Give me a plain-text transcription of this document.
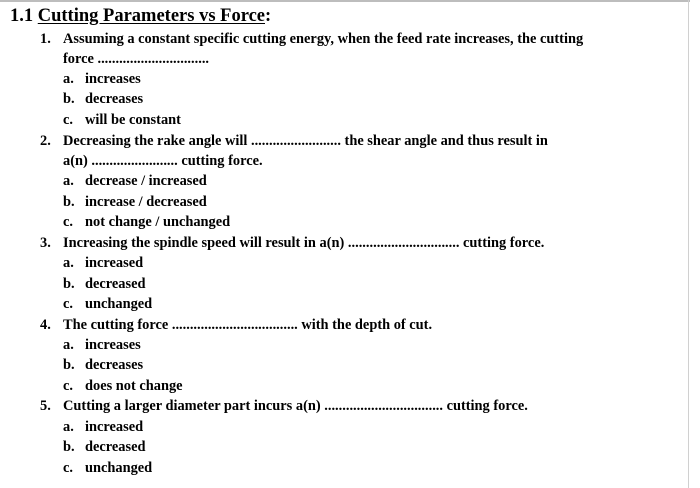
1.1 Cutting Parameters vs Force:
1. Assuming a constant specific cutting energy, when the feed rate increases, the cutting
force ...............................
a. increases
b. decreases
c. will be constant
2. Decreasing the rake angle will ......................... the shear angle and thus result in
a(n) ........................ cutting force.
a. decrease / increased
b. increase / decreased
c. not change / unchanged
3. Increasing the spindle speed will result in a(n) ............................... cutting force.
a. increased
b. decreased
c. unchanged
4. The cutting force ................................... with the depth of cut.
a. increases
b. decreases
c. does not change
5. Cutting a larger diameter part incurs a(n) ................................. cutting force.
a. increased
b. decreased
c. unchanged
